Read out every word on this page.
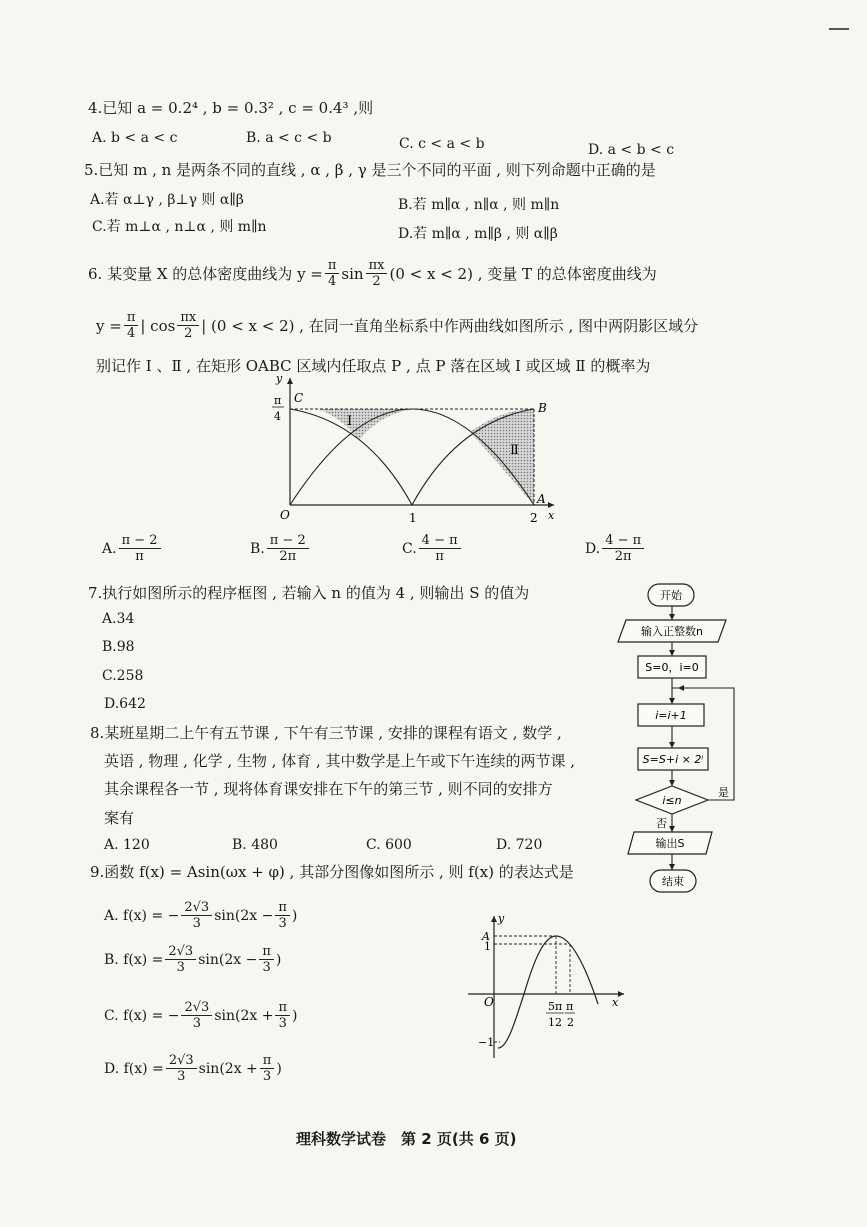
4.已知 a = 0.2⁴ , b = 0.3² , c = 0.4³ ,则
A. b < a < c	B. a < c < b	C. c < a < b	D. a < b < c
5.已知 m , n 是两条不同的直线 , α , β , γ 是三个不同的平面 , 则下列命题中正确的是
A.若 α⊥γ , β⊥γ 则 α∥β	B.若 m∥α , n∥α , 则 m∥n
C.若 m⊥α , n⊥α , 则 m∥n	D.若 m∥α , m∥β , 则 α∥β
6. 某变量 X 的总体密度曲线为 $y = \frac{\pi}{4}$ $\sin \frac{\pi x}{2} (0 < x < 2)$ , 变量 T 的总体密度曲线为
$y = \frac{\pi}{4}$ | $\cos \frac{\pi x}{2}$ | (0 < x < 2) , 在同一直角坐标系中作两曲线如图所示 , 图中两阴影区域分
别记作 Ⅰ 、Ⅱ , 在矩形 OABC 区域内任取点 P , 点 P 落在区域 Ⅰ 或区域 Ⅱ 的概率为
y
π
4
C
B
A
O	1	2 x
Ⅰ
Ⅱ
A. $\frac{\pi - 2}{\pi}$	B. $\frac{\pi - 2}{2\pi}$	C. $\frac{4 - \pi}{\pi}$	D. $\frac{4 - \pi}{2\pi}$
7.执行如图所示的程序框图 , 若输入 n 的值为 4 , 则输出 S 的值为
A.34
B.98
C.258
D.642
开始
输入正整数n
S=0，i=0
i=i+1
S=S+i × 2ⁱ
i≤n
是
否
输出S
结束
8.某班星期二上午有五节课 , 下午有三节课 , 安排的课程有语文 , 数学 ,
英语 , 物理 , 化学 , 生物 , 体育 , 其中数学是上午或下午连续的两节课 ,
其余课程各一节 , 现将体育课安排在下午的第三节 , 则不同的安排方
案有
A. 120	B. 480	C. 600	D. 720
9.函数 f(x) = Asin(ωx + φ) , 其部分图像如图所示 , 则 f(x) 的表达式是
A. f(x) = − $\frac{2√3}{3} \sin(2x - \frac{\pi}{3}$ )
B. $f(x) = \frac{2√3}{3} \sin(2x - \frac{\pi}{3}$ )
C. f(x) = − $\frac{2√3}{3} \sin(2x + \frac{\pi}{3}$ )
D. $f(x) = \frac{2√3}{3} \sin(2x + \frac{\pi}{3}$ )
y
A
1
−1
O	x
5π
12
π
2
理科数学试卷　第 2 页(共 6 页)
